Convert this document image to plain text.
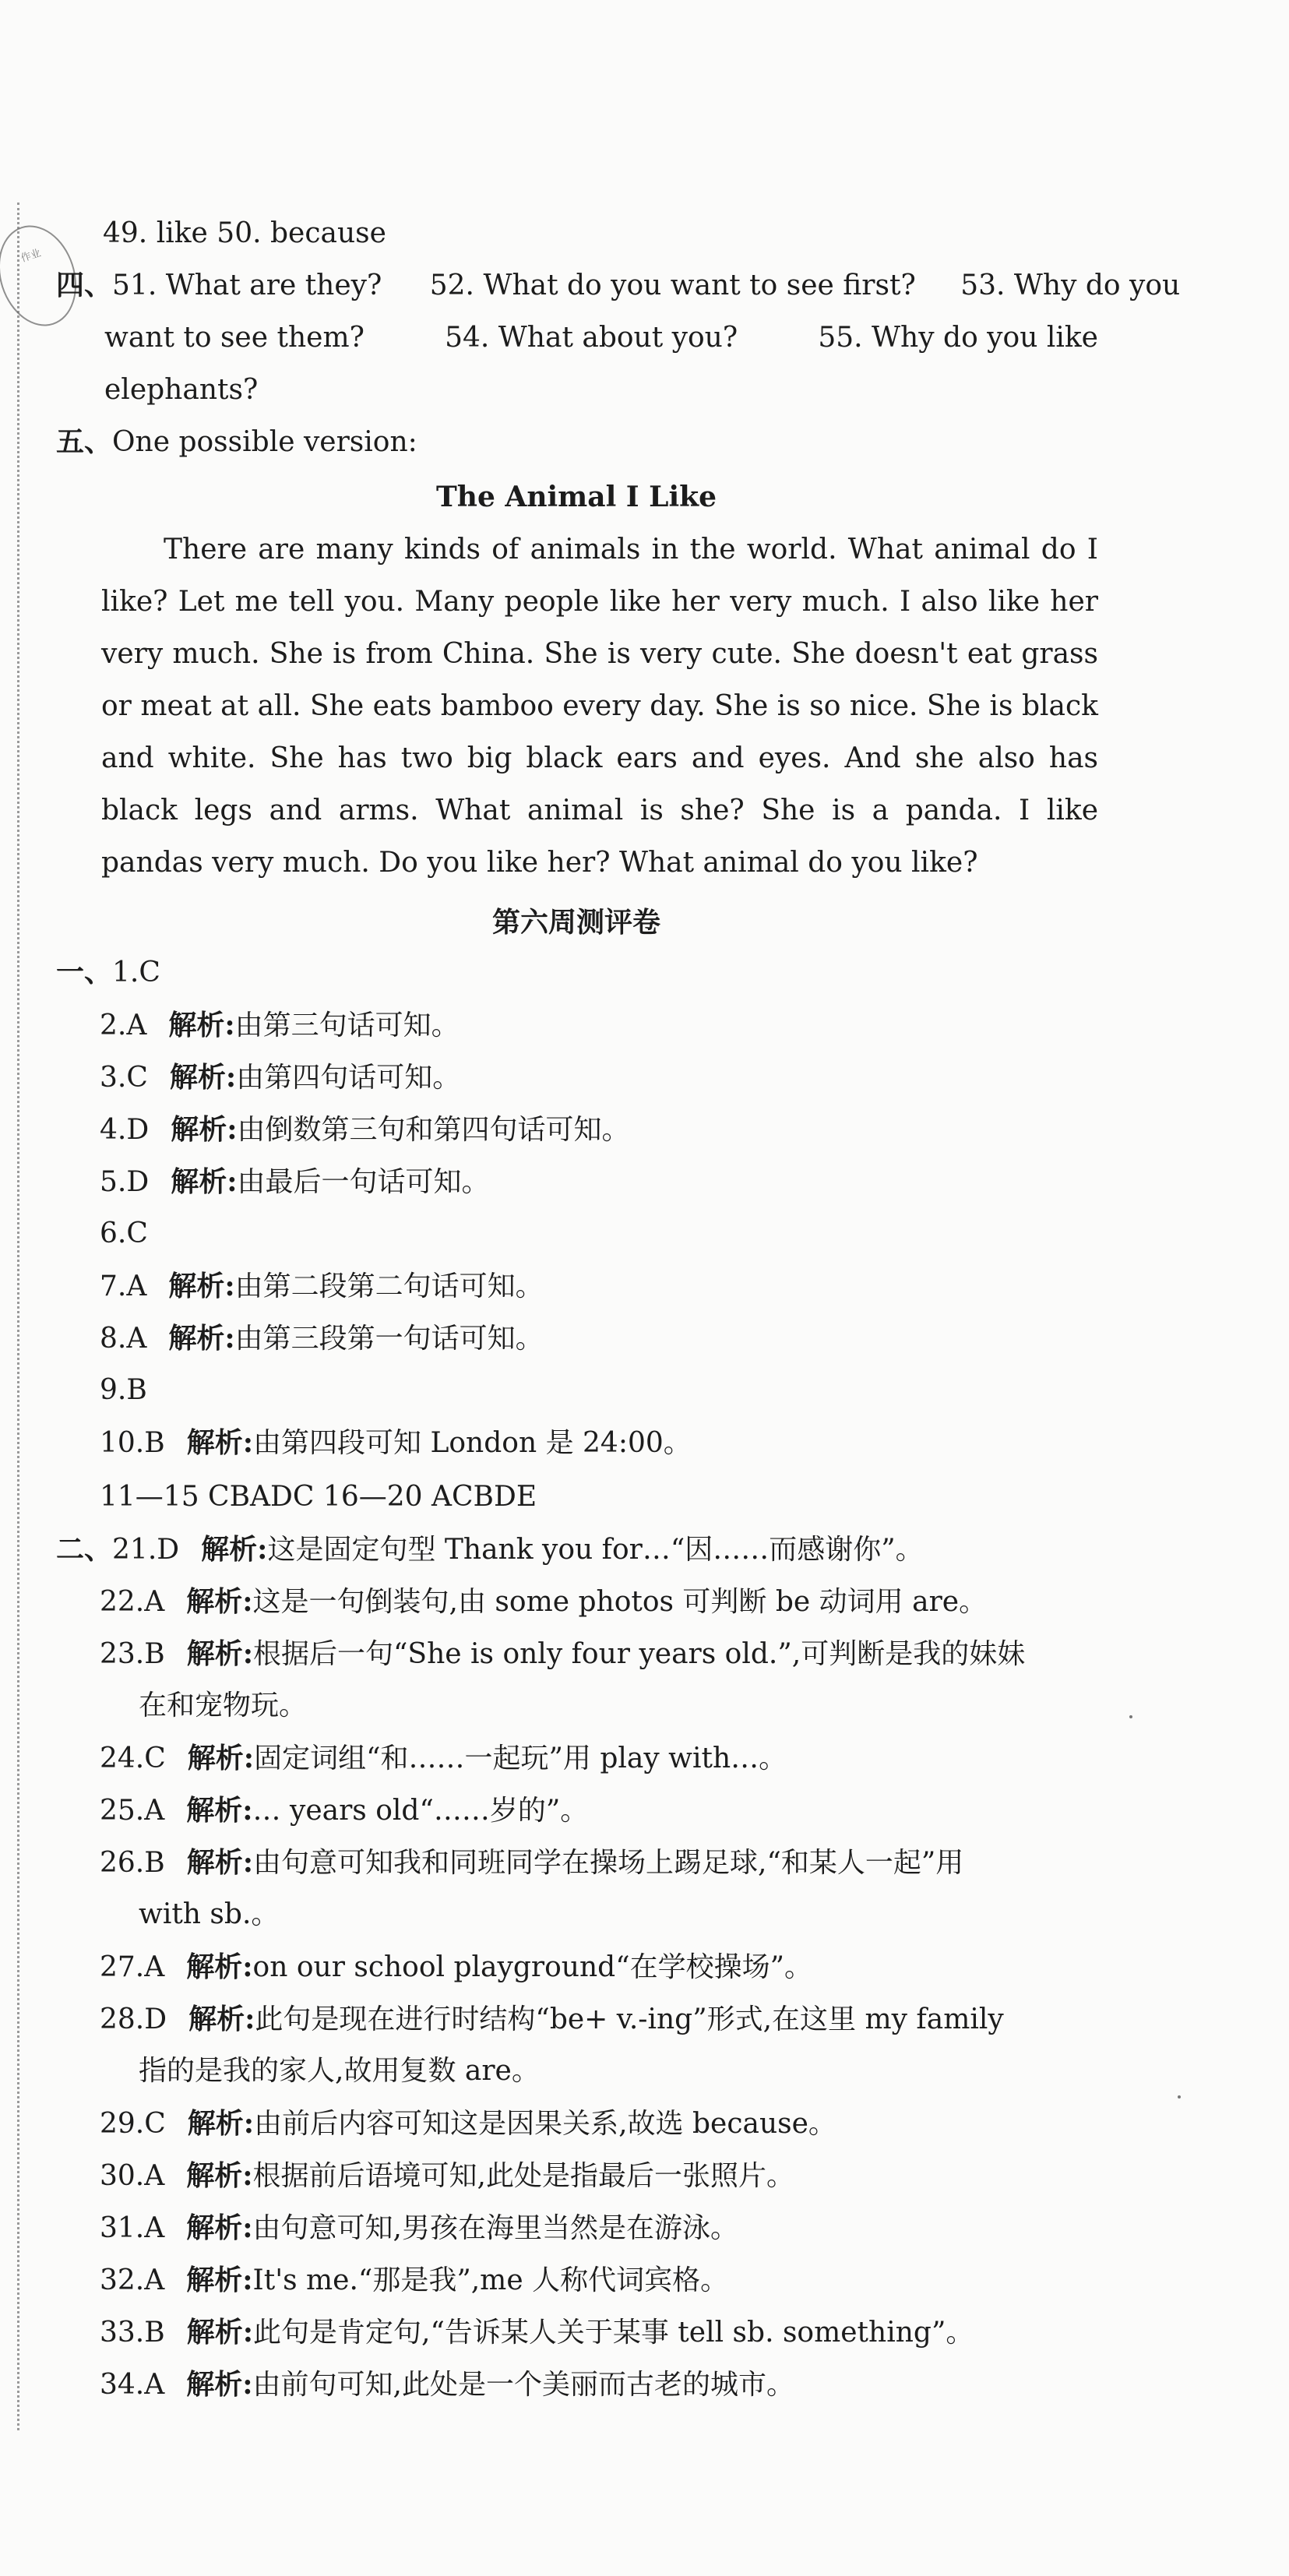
作业
49. like 50. because
四、51. What are they? 52. What do you want to see first? 53. Why do you
want to see them?	54. What about you?	55. Why do you like
elephants?
五、One possible version:
The Animal I Like

There are many kinds of animals in the world. What animal do I like? Let me tell you. Many people like her very much. I also like her very much. She is from China. She is very cute. She doesn't eat grass or meat at all. She eats bamboo every day. She is so nice. She is black and white. She has two big black ears and eyes. And she also has black legs and arms. What animal is she? She is a panda. I like pandas very much. Do you like her? What animal do you like?

第六周测评卷
一、1.C
2.A 解析:由第三句话可知。
3.C 解析:由第四句话可知。
4.D 解析:由倒数第三句和第四句话可知。
5.D 解析:由最后一句话可知。
6.C
7.A 解析:由第二段第二句话可知。
8.A 解析:由第三段第一句话可知。
9.B
10.B 解析:由第四段可知 London 是 24:00。
11—15 CBADC 16—20 ACBDE
二、21.D 解析:这是固定句型 Thank you for…“因……而感谢你”。
22.A 解析:这是一句倒装句,由 some photos 可判断 be 动词用 are。
23.B 解析:根据后一句“She is only four years old.”,可判断是我的妹妹
在和宠物玩。
24.C 解析:固定词组“和……一起玩”用 play with…。
25.A 解析:… years old“……岁的”。
26.B 解析:由句意可知我和同班同学在操场上踢足球,“和某人一起”用
with sb.。
27.A 解析:on our school playground“在学校操场”。
28.D 解析:此句是现在进行时结构“be+ v.-ing”形式,在这里 my family
指的是我的家人,故用复数 are。
29.C 解析:由前后内容可知这是因果关系,故选 because。
30.A 解析:根据前后语境可知,此处是指最后一张照片。
31.A 解析:由句意可知,男孩在海里当然是在游泳。
32.A 解析:It's me.“那是我”,me 人称代词宾格。
33.B 解析:此句是肯定句,“告诉某人关于某事 tell sb. something”。
34.A 解析:由前句可知,此处是一个美丽而古老的城市。
